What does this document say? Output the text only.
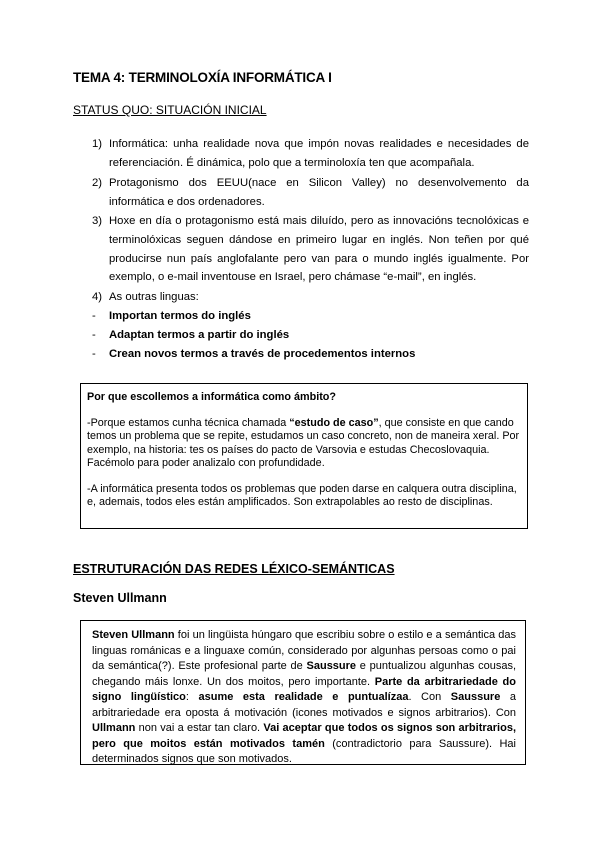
TEMA 4: TERMINOLOXÍA INFORMÁTICA I
STATUS QUO: SITUACIÓN INICIAL
1) Informática: unha realidade nova que impón novas realidades e necesidades de referenciación. É dinámica, polo que a terminoloxía ten que acompañala.
2) Protagonismo dos EEUU(nace en Silicon Valley) no desenvolvemento da informática e dos ordenadores.
3) Hoxe en día o protagonismo está mais diluído, pero as innovacións tecnolóxicas e terminolóxicas seguen dándose en primeiro lugar en inglés. Non teñen por qué producirse nun país anglofalante pero van para o mundo inglés igualmente. Por exemplo, o e-mail inventouse en Israel, pero chámase “e-mail”, en inglés.
4) As outras linguas:
- Importan termos do inglés
- Adaptan termos a partir do inglés
- Crean novos termos a través de procedementos internos

Por que escollemos a informática como ámbito?

-Porque estamos cunha técnica chamada “estudo de caso”, que consiste en que cando temos un problema que se repite, estudamos un caso concreto, non de maneira xeral. Por exemplo, na historia: tes os países do pacto de Varsovia e estudas Checoslovaquia. Facémolo para poder analizalo con profundidade.

-A informática presenta todos os problemas que poden darse en calquera outra disciplina, e, ademais, todos eles están amplificados. Son extrapolables ao resto de disciplinas.

ESTRUTURACIÓN DAS REDES LÉXICO-SEMÁNTICAS
Steven Ullmann
Steven Ullmann foi un lingüista húngaro que escribiu sobre o estilo e a semántica das linguas románicas e a linguaxe común, considerado por algunhas persoas como o pai da semántica(?). Este profesional parte de Saussure e puntualizou algunhas cousas, chegando máis lonxe. Un dos moitos, pero importante. Parte da arbitrariedade do signo lingüístico: asume esta realidade e puntualízaa. Con Saussure a arbitrariedade era oposta á motivación (icones motivados e signos arbitrarios). Con Ullmann non vai a estar tan claro. Vai aceptar que todos os signos son arbitrarios, pero que moitos están motivados tamén (contradictorio para Saussure). Hai determinados signos que son motivados.
